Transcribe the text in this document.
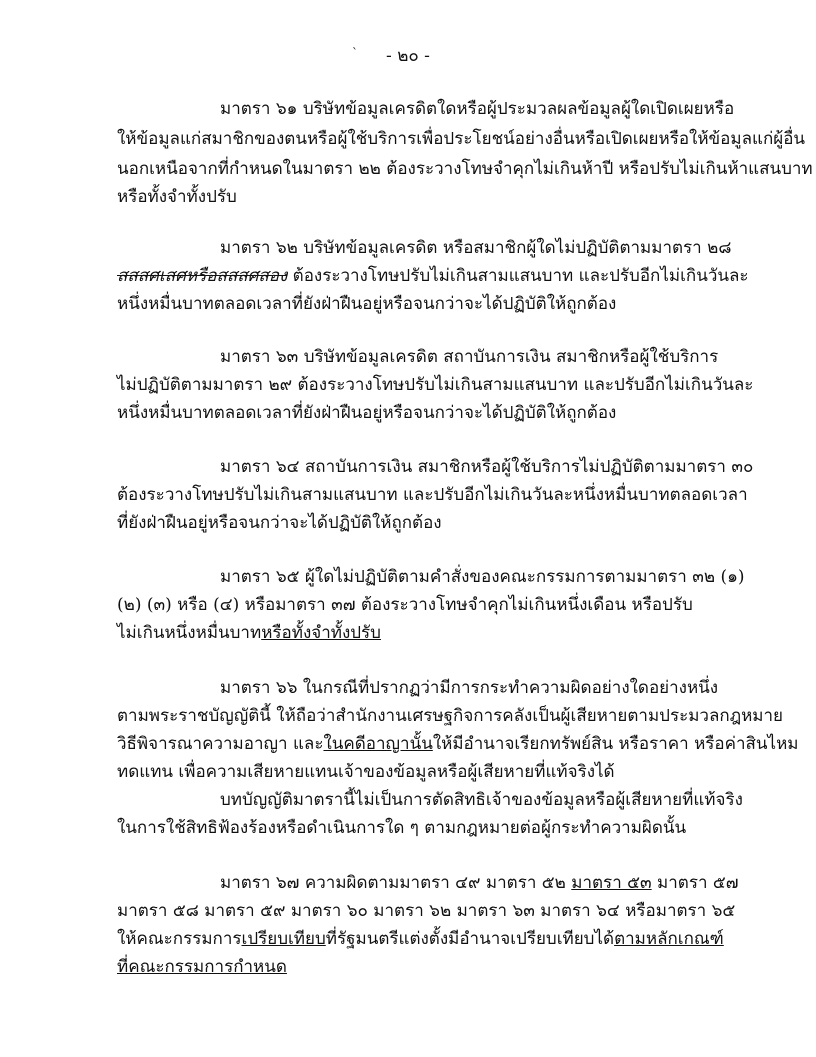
`	- ๒๐ -
มาตรา ๖๑ บริษัทข้อมูลเครดิตใดหรือผู้ประมวลผลข้อมูลผู้ใดเปิดเผยหรือ
ให้ข้อมูลแก่สมาชิกของตนหรือผู้ใช้บริการเพื่อประโยชน์อย่างอื่นหรือเปิดเผยหรือให้ข้อมูลแก่ผู้อื่น
นอกเหนือจากที่กำหนดในมาตรา ๒๒ ต้องระวางโทษจำคุกไม่เกินห้าปี หรือปรับไม่เกินห้าแสนบาท
หรือทั้งจำทั้งปรับ
มาตรา ๖๒ บริษัทข้อมูลเครดิต หรือสมาชิกผู้ใดไม่ปฏิบัติตามมาตรา ๒๘
สสสศเสศหรือสสสศสอง ต้องระวางโทษปรับไม่เกินสามแสนบาท และปรับอีกไม่เกินวันละ
หนึ่งหมื่นบาทตลอดเวลาที่ยังฝ่าฝืนอยู่หรือจนกว่าจะได้ปฏิบัติให้ถูกต้อง
มาตรา ๖๓ บริษัทข้อมูลเครดิต สถาบันการเงิน สมาชิกหรือผู้ใช้บริการ
ไม่ปฏิบัติตามมาตรา ๒๙ ต้องระวางโทษปรับไม่เกินสามแสนบาท และปรับอีกไม่เกินวันละ
หนึ่งหมื่นบาทตลอดเวลาที่ยังฝ่าฝืนอยู่หรือจนกว่าจะได้ปฏิบัติให้ถูกต้อง
มาตรา ๖๔ สถาบันการเงิน สมาชิกหรือผู้ใช้บริการไม่ปฏิบัติตามมาตรา ๓๐
ต้องระวางโทษปรับไม่เกินสามแสนบาท และปรับอีกไม่เกินวันละหนึ่งหมื่นบาทตลอดเวลา
ที่ยังฝ่าฝืนอยู่หรือจนกว่าจะได้ปฏิบัติให้ถูกต้อง
มาตรา ๖๕ ผู้ใดไม่ปฏิบัติตามคำสั่งของคณะกรรมการตามมาตรา ๓๒ (๑)
(๒) (๓) หรือ (๔) หรือมาตรา ๓๗ ต้องระวางโทษจำคุกไม่เกินหนึ่งเดือน หรือปรับ
ไม่เกินหนึ่งหมื่นบาทหรือทั้งจำทั้งปรับ
มาตรา ๖๖ ในกรณีที่ปรากฏว่ามีการกระทำความผิดอย่างใดอย่างหนึ่ง
ตามพระราชบัญญัตินี้ ให้ถือว่าสำนักงานเศรษฐกิจการคลังเป็นผู้เสียหายตามประมวลกฎหมาย
วิธีพิจารณาความอาญา และในคดีอาญานั้นให้มีอำนาจเรียกทรัพย์สิน หรือราคา หรือค่าสินไหม
ทดแทน เพื่อความเสียหายแทนเจ้าของข้อมูลหรือผู้เสียหายที่แท้จริงได้
บทบัญญัติมาตรานี้ไม่เป็นการตัดสิทธิเจ้าของข้อมูลหรือผู้เสียหายที่แท้จริง
ในการใช้สิทธิฟ้องร้องหรือดำเนินการใด ๆ ตามกฎหมายต่อผู้กระทำความผิดนั้น
มาตรา ๖๗ ความผิดตามมาตรา ๔๙ มาตรา ๕๒ มาตรา ๕๓ มาตรา ๕๗
มาตรา ๕๘ มาตรา ๕๙ มาตรา ๖๐ มาตรา ๖๒ มาตรา ๖๓ มาตรา ๖๔ หรือมาตรา ๖๕
ให้คณะกรรมการเปรียบเทียบที่รัฐมนตรีแต่งตั้งมีอำนาจเปรียบเทียบได้ตามหลักเกณฑ์
ที่คณะกรรมการกำหนด
